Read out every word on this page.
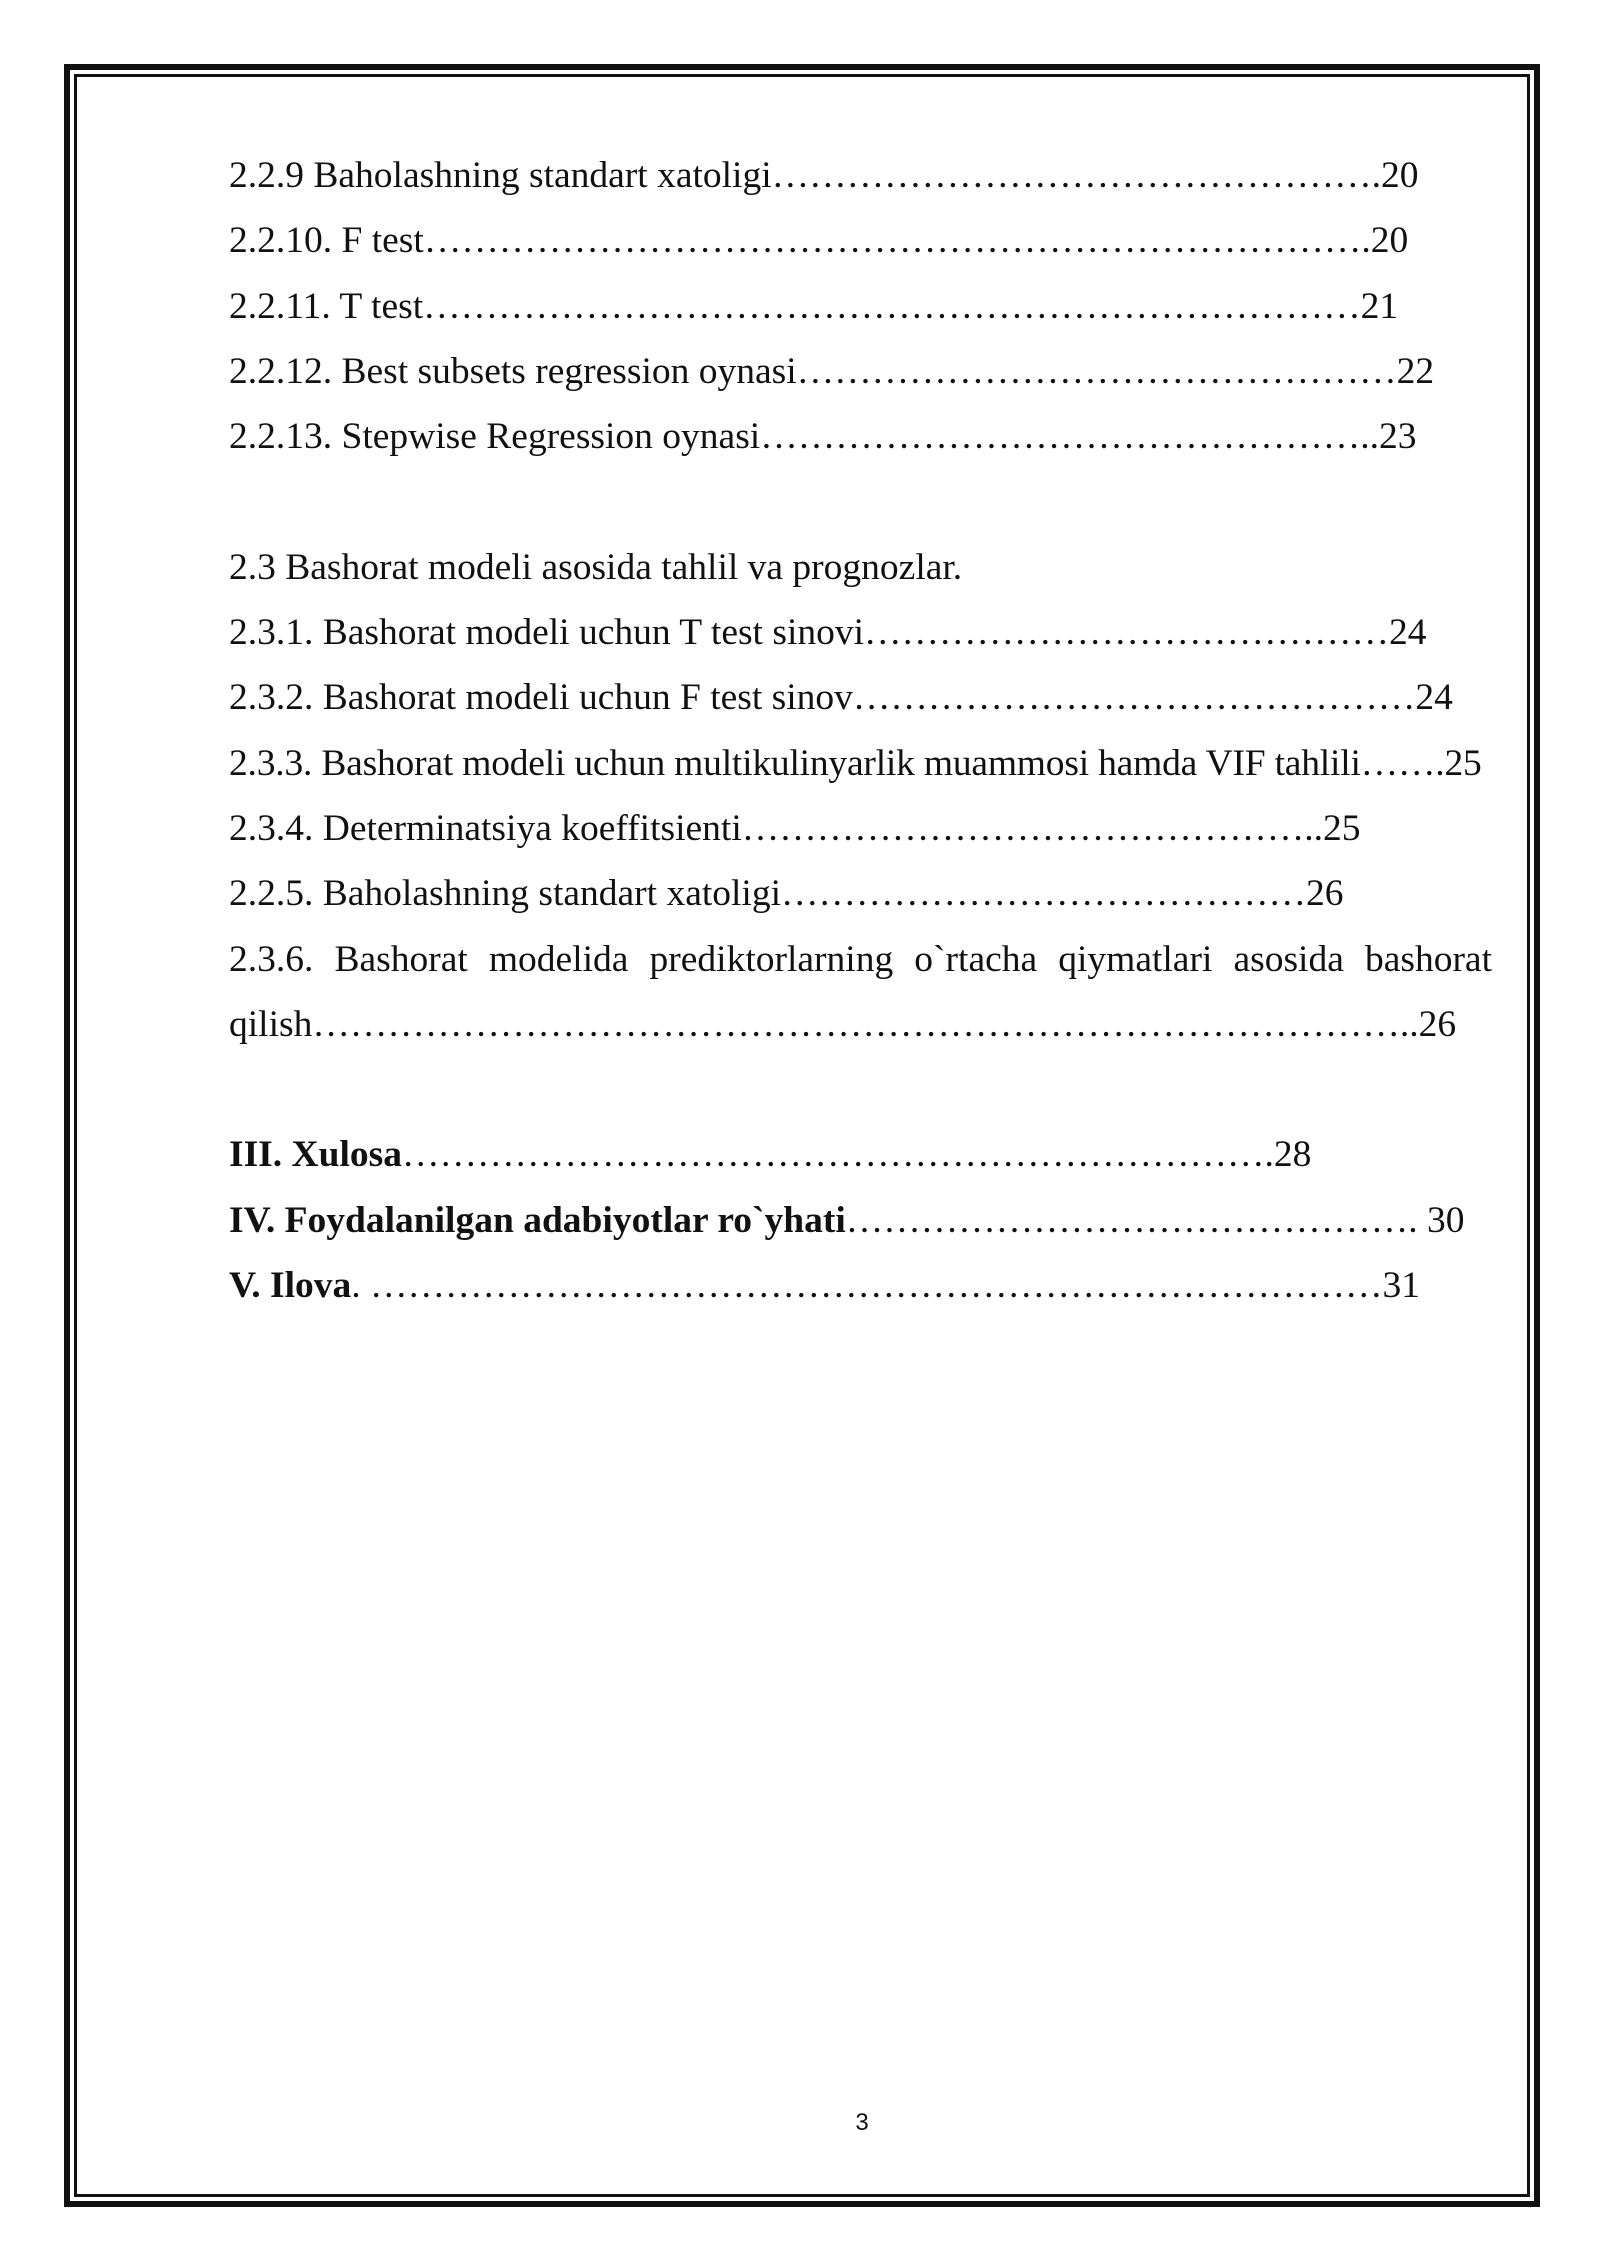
2.2.9 Baholashning standart xatoligi………………………………………….20
2.2.10. F test………………………………………………………………….20
2.2.11. T test…………………………………………………………………21
2.2.12. Best subsets regression oynasi…………………………………………22
2.2.13. Stepwise Regression oynasi…………………………………………..23
2.3 Bashorat modeli asosida tahlil va prognozlar.
2.3.1. Bashorat modeli uchun T test sinovi……………………………………24
2.3.2. Bashorat modeli uchun F test sinov………………………………………24
2.3.3. Bashorat modeli uchun multikulinyarlik muammosi hamda VIF tahlili…….25
2.3.4. Determinatsiya koeffitsienti………………………………………..25
2.2.5. Baholashning standart xatoligi……………………………………26
2.3.6. Bashorat modelida prediktorlarning o`rtacha qiymatlari asosida bashorat
qilish……………………………………………………………………………..26
III. Xulosa…………………………………………………………….28
IV. Foydalanilgan adabiyotlar ro`yhati………………………………………. 30
V. Ilova. ………………………………………………………………………31
3
